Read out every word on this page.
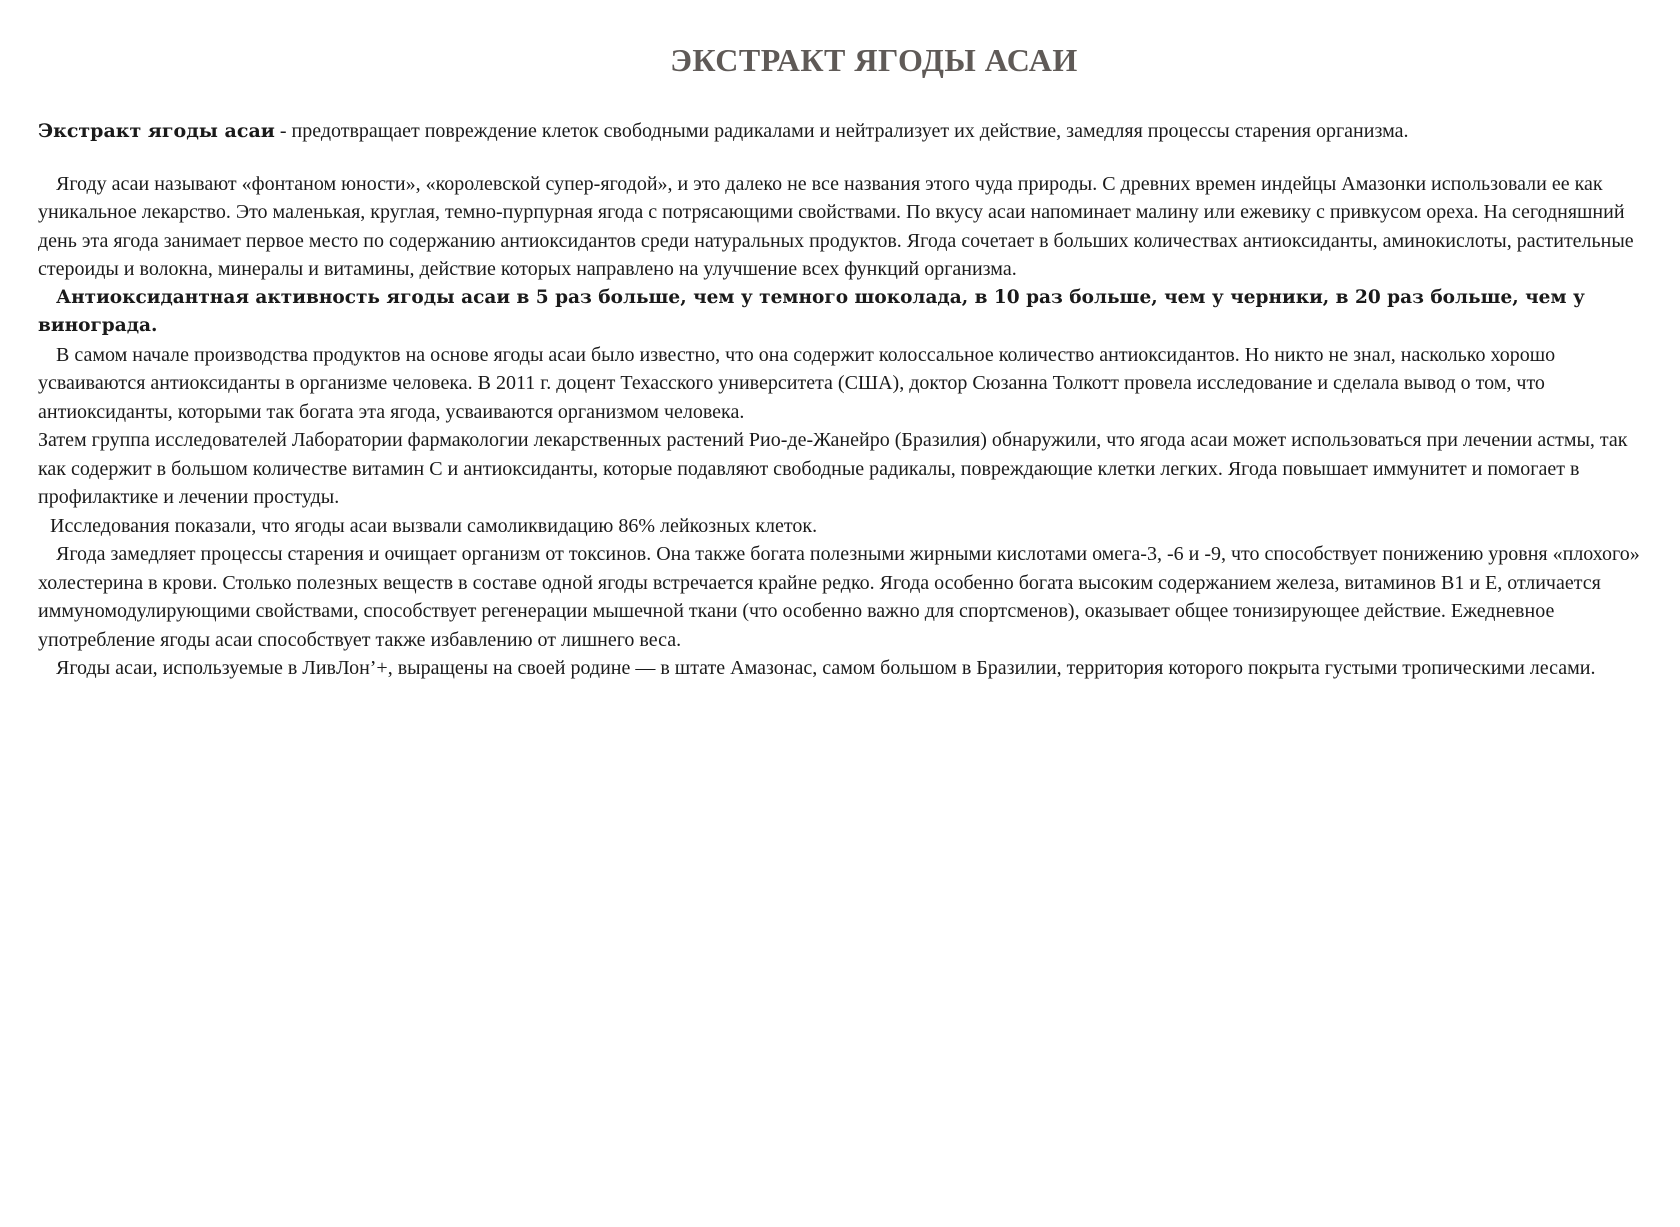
ЭКСТРАКТ ЯГОДЫ АСАИ

Экстракт ягоды асаи - предотвращает повреждение клеток свободными радикалами и нейтрализует их действие, замедляя процессы старения организма.

Ягоду асаи называют «фонтаном юности», «королевской супер-ягодой», и это далеко не все названия этого чуда природы. С древних времен индейцы Амазонки использовали ее как уникальное лекарство. Это маленькая, круглая, темно-пурпурная ягода с потрясающими свойствами. По вкусу асаи напоминает малину или ежевику с привкусом ореха. На сегодняшний день эта ягода занимает первое место по содержанию антиоксидантов среди натуральных продуктов. Ягода сочетает в больших количествах антиоксиданты, аминокислоты, растительные стероиды и волокна, минералы и витамины, действие которых направлено на улучшение всех функций организма.

Антиоксидантная активность ягоды асаи в 5 раз больше, чем у темного шоколада, в 10 раз больше, чем у черники, в 20 раз больше, чем у винограда.

В самом начале производства продуктов на основе ягоды асаи было известно, что она содержит колоссальное количество антиоксидантов. Но никто не знал, насколько хорошо усваиваются антиоксиданты в организме человека. В 2011 г. доцент Техасского университета (США), доктор Сюзанна Толкотт провела исследование и сделала вывод о том, что антиоксиданты, которыми так богата эта ягода, усваиваются организмом человека.

Затем группа исследователей Лаборатории фармакологии лекарственных растений Рио-де-Жанейро (Бразилия) обнаружили, что ягода асаи может использоваться при лечении астмы, так как содержит в большом количестве витамин С и антиоксиданты, которые подавляют свободные радикалы, повреждающие клетки легких. Ягода повышает иммунитет и помогает в профилактике и лечении простуды.

Исследования показали, что ягоды асаи вызвали самоликвидацию 86% лейкозных клеток.

Ягода замедляет процессы старения и очищает организм от токсинов. Она также богата полезными жирными кислотами омега-3, -6 и -9, что способствует понижению уровня «плохого» холестерина в крови. Столько полезных веществ в составе одной ягоды встречается крайне редко. Ягода особенно богата высоким содержанием железа, витаминов В1 и Е, отличается иммуномодулирующими свойствами, способствует регенерации мышечной ткани (что особенно важно для спортсменов), оказывает общее тонизирующее действие. Ежедневное употребление ягоды асаи способствует также избавлению от лишнего веса.

Ягоды асаи, используемые в ЛивЛон’+, выращены на своей родине — в штате Амазонас, самом большом в Бразилии, территория которого покрыта густыми тропическими лесами.
